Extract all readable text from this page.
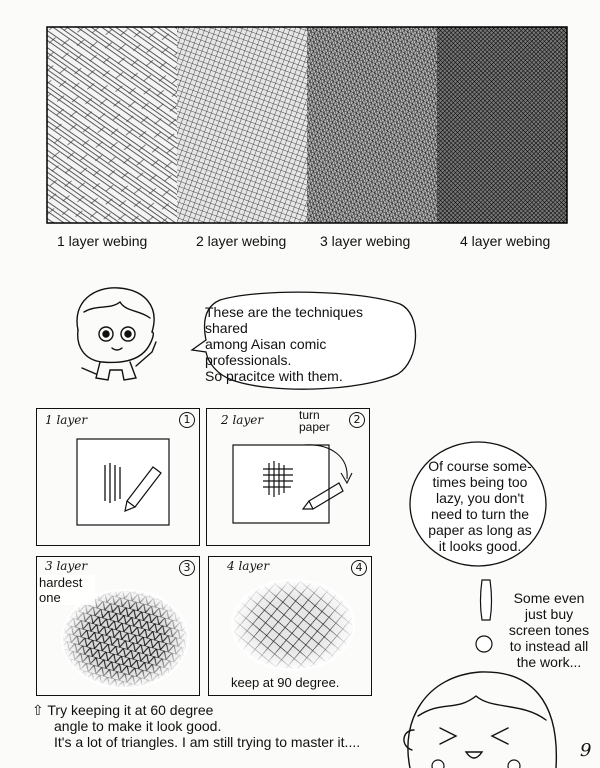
1 layer webing	2 layer webing 3 layer webing	4 layer webing
These are the techniques shared
among Aisan comic professionals.
So pracitce with them.
1 layer	1	2 layer	turn paper
2
3 layer	3
hardest one
4 layer	4
keep at 90 degree.
Of course some-
times being too
lazy, you don't
need to turn the
paper as long as
it looks good.
Some even
just buy
screen tones
to instead all
the work...
⇧ Try keeping it at 60 degree
angle to make it look good.
It's a lot of triangles. I am still trying to master it....	9
